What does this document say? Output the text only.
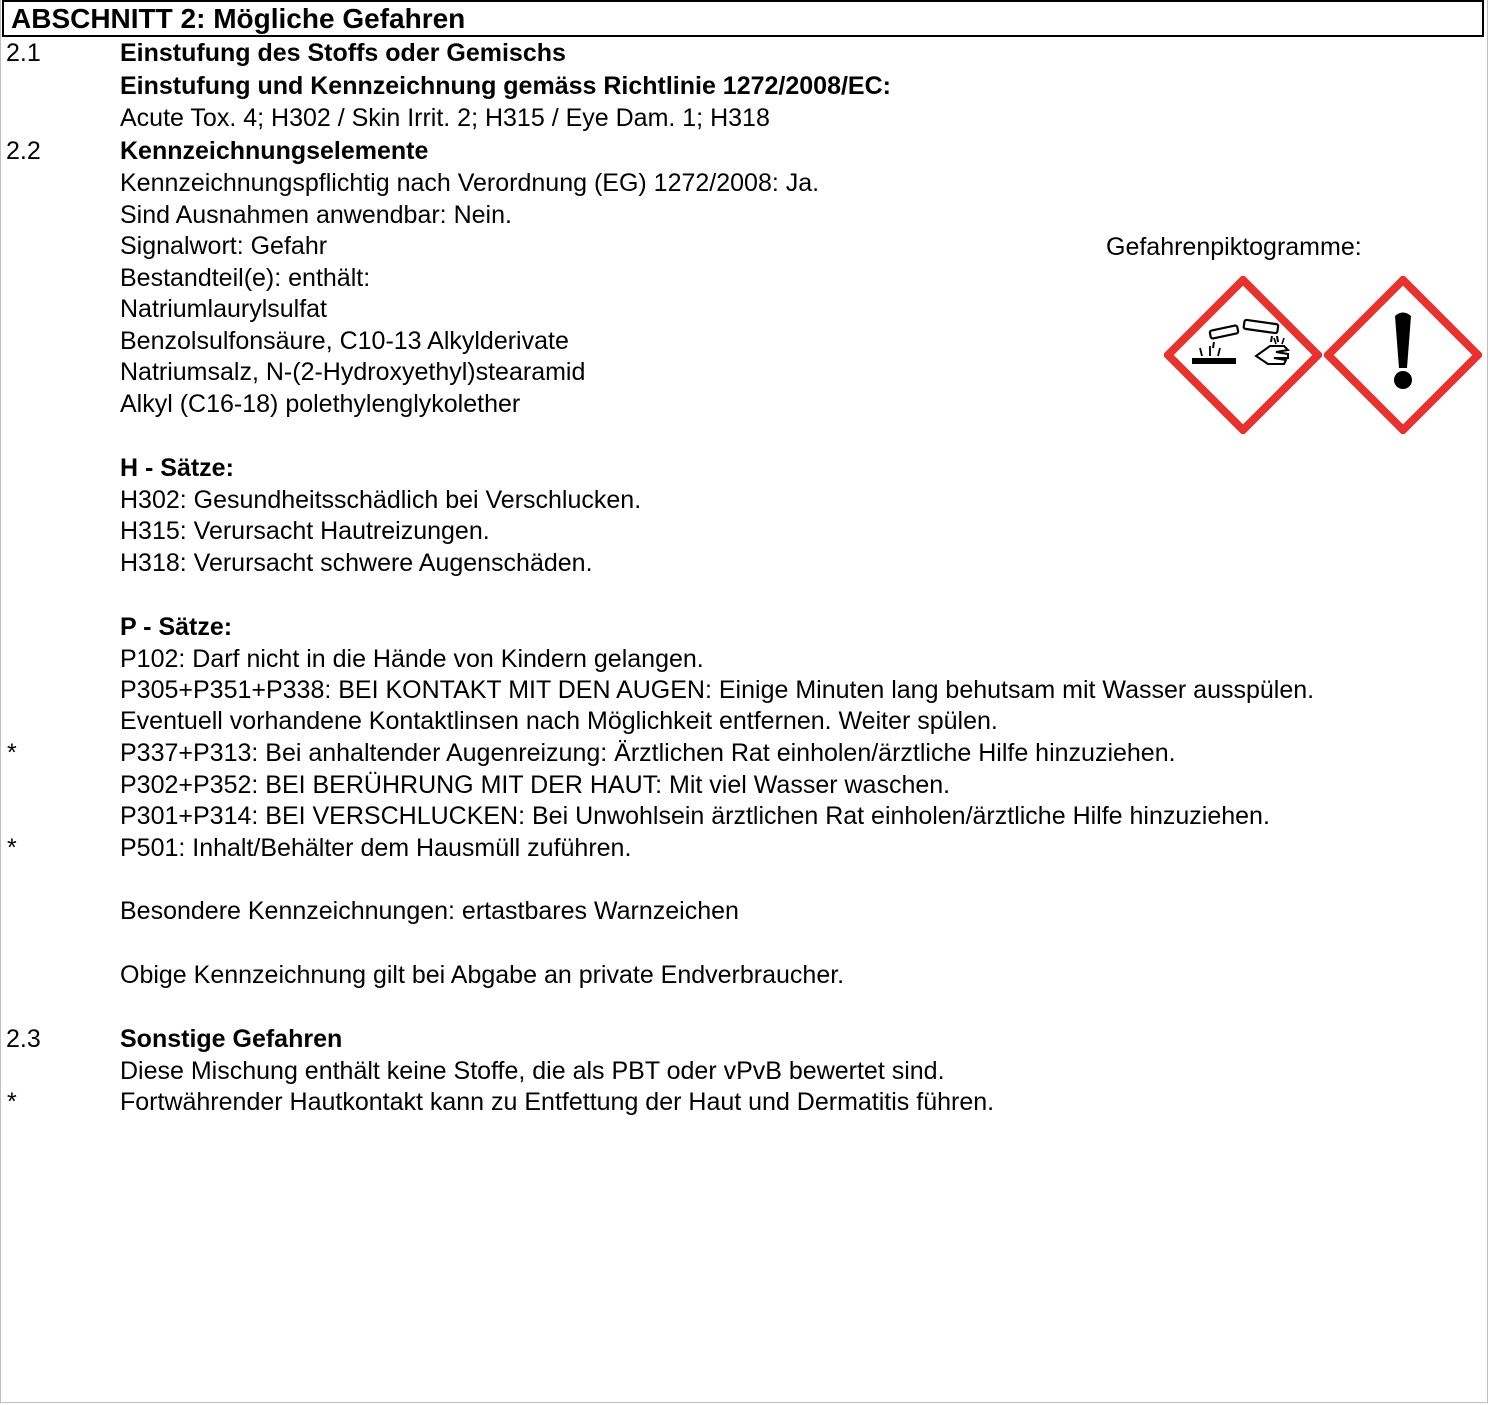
ABSCHNITT 2: Mögliche Gefahren
2.1	Einstufung des Stoffs oder Gemischs
Einstufung und Kennzeichnung gemäss Richtlinie 1272/2008/EC:
Acute Tox. 4; H302 / Skin Irrit. 2; H315 / Eye Dam. 1; H318
2.2	Kennzeichnungselemente
Kennzeichnungspflichtig nach Verordnung (EG) 1272/2008: Ja.
Sind Ausnahmen anwendbar: Nein.
Signalwort: Gefahr
Bestandteil(e): enthält:
Natriumlaurylsulfat
Benzolsulfonsäure, C10-13 Alkylderivate
Natriumsalz, N-(2-Hydroxyethyl)stearamid
Alkyl (C16-18) polethylenglykolether
Gefahrenpiktogramme:
H - Sätze:
H302: Gesundheitsschädlich bei Verschlucken.
H315: Verursacht Hautreizungen.
H318: Verursacht schwere Augenschäden.
P - Sätze:
P102: Darf nicht in die Hände von Kindern gelangen.
P305+P351+P338: BEI KONTAKT MIT DEN AUGEN: Einige Minuten lang behutsam mit Wasser ausspülen.
Eventuell vorhandene Kontaktlinsen nach Möglichkeit entfernen. Weiter spülen.
*	P337+P313: Bei anhaltender Augenreizung: Ärztlichen Rat einholen/ärztliche Hilfe hinzuziehen.
P302+P352: BEI BERÜHRUNG MIT DER HAUT: Mit viel Wasser waschen.
P301+P314: BEI VERSCHLUCKEN: Bei Unwohlsein ärztlichen Rat einholen/ärztliche Hilfe hinzuziehen.
*	P501: Inhalt/Behälter dem Hausmüll zuführen.
Besondere Kennzeichnungen: ertastbares Warnzeichen
Obige Kennzeichnung gilt bei Abgabe an private Endverbraucher.
2.3	Sonstige Gefahren
Diese Mischung enthält keine Stoffe, die als PBT oder vPvB bewertet sind.
*	Fortwährender Hautkontakt kann zu Entfettung der Haut und Dermatitis führen.
